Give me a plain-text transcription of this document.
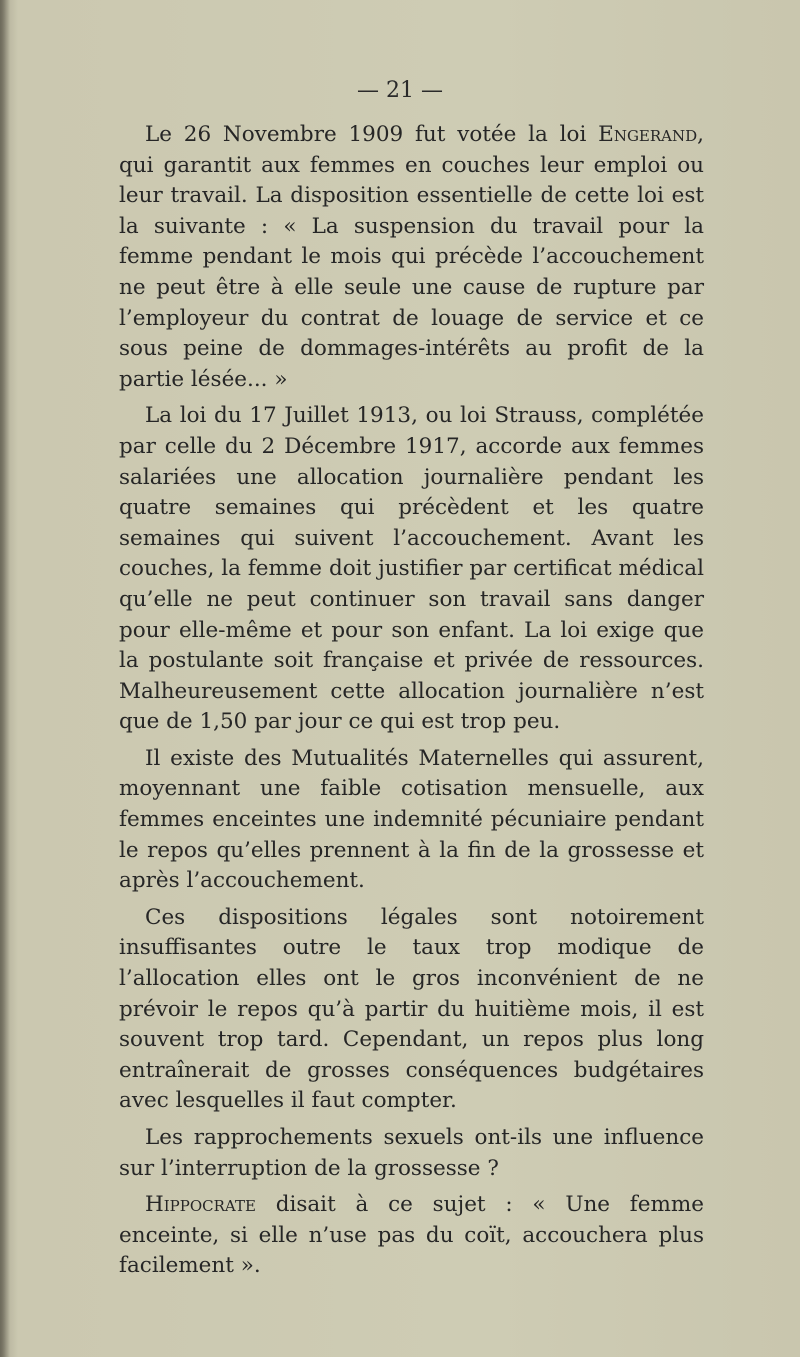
— 21 —

Le 26 Novembre 1909 fut votée la loi Engerand, qui garantit aux femmes en couches leur emploi ou leur travail. La disposition essentielle de cette loi est la suivante : « La suspension du travail pour la femme pendant le mois qui précède l’accouchement ne peut être à elle seule une cause de rupture par l’employeur du contrat de louage de service et ce sous peine de dommages-intérêts au profit de la partie lésée... »

La loi du 17 Juillet 1913, ou loi Strauss, complétée par celle du 2 Décembre 1917, accorde aux femmes salariées une allocation journalière pendant les quatre semaines qui précèdent et les quatre semaines qui suivent l’accouchement. Avant les couches, la femme doit justifier par certificat médical qu’elle ne peut continuer son travail sans danger pour elle-même et pour son enfant. La loi exige que la postulante soit française et privée de ressources. Malheureusement cette allocation journalière n’est que de 1,50 par jour ce qui est trop peu.

Il existe des Mutualités Maternelles qui assurent, moyennant une faible cotisation mensuelle, aux femmes enceintes une indemnité pécuniaire pendant le repos qu’elles prennent à la fin de la grossesse et après l’accouchement.

Ces dispositions légales sont notoirement insuffisantes outre le taux trop modique de l’allocation elles ont le gros inconvénient de ne prévoir le repos qu’à partir du huitième mois, il est souvent trop tard. Cependant, un repos plus long entraînerait de grosses conséquences budgétaires avec lesquelles il faut compter.

Les rapprochements sexuels ont-ils une influence sur l’interruption de la grossesse ?

Hippocrate disait à ce sujet : « Une femme enceinte, si elle n’use pas du coït, accouchera plus facilement ».
